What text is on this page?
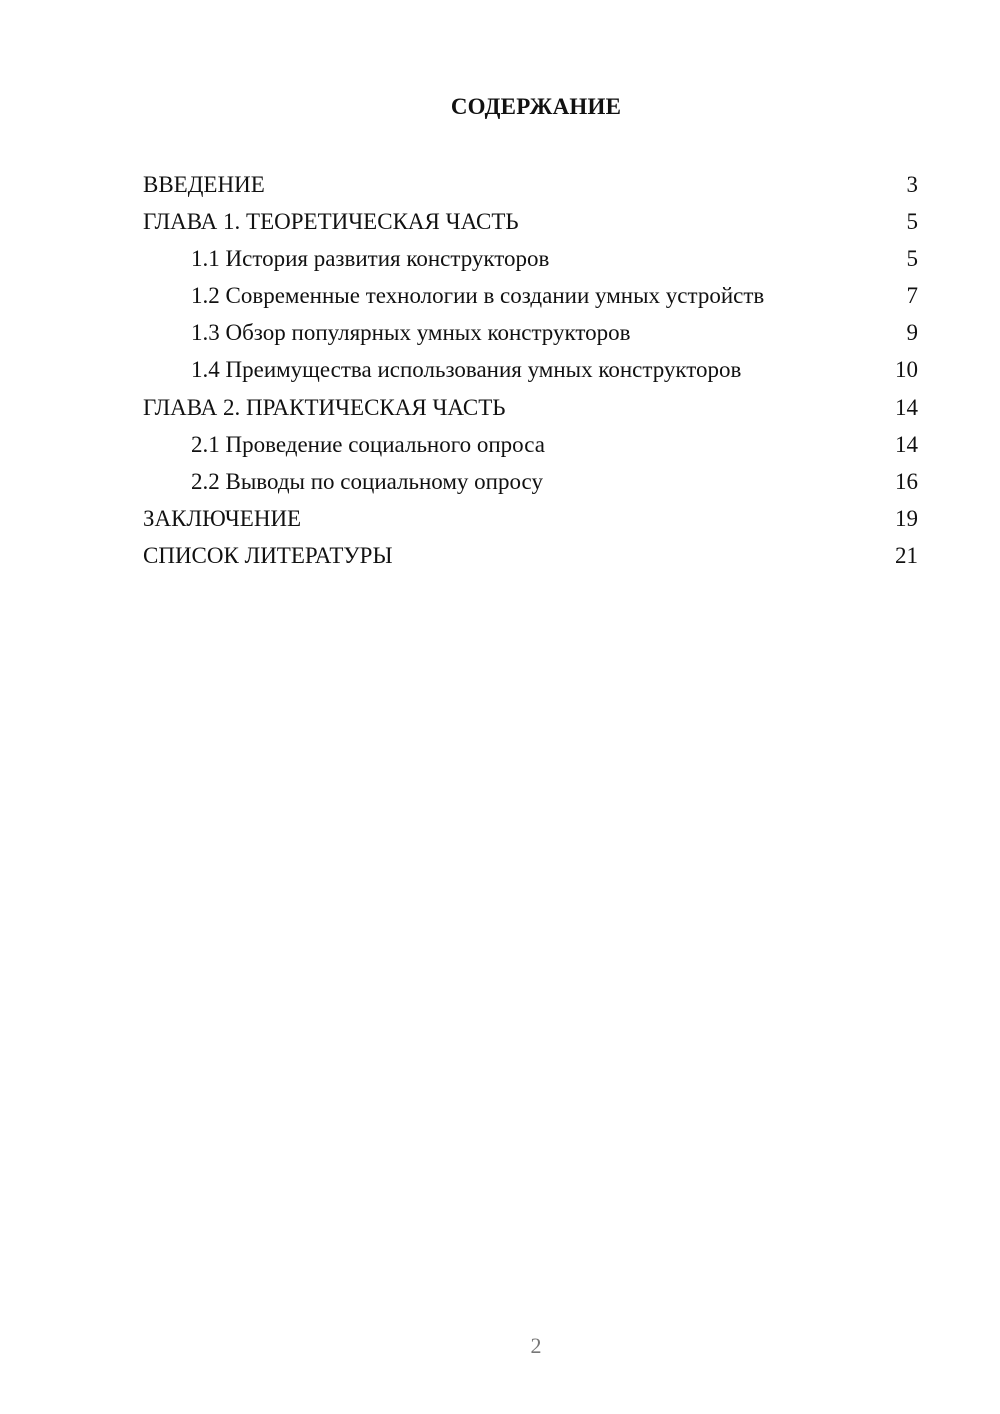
СОДЕРЖАНИЕ
ВВЕДЕНИЕ	3
ГЛАВА 1. ТЕОРЕТИЧЕСКАЯ ЧАСТЬ	5
1.1 История развития конструкторов	5
1.2 Современные технологии в создании умных устройств	7
1.3 Обзор популярных умных конструкторов	9
1.4 Преимущества использования умных конструкторов	10
ГЛАВА 2. ПРАКТИЧЕСКАЯ ЧАСТЬ	14
2.1 Проведение социального опроса	14
2.2 Выводы по социальному опросу	16
ЗАКЛЮЧЕНИЕ	19
СПИСОК ЛИТЕРАТУРЫ	21
2
